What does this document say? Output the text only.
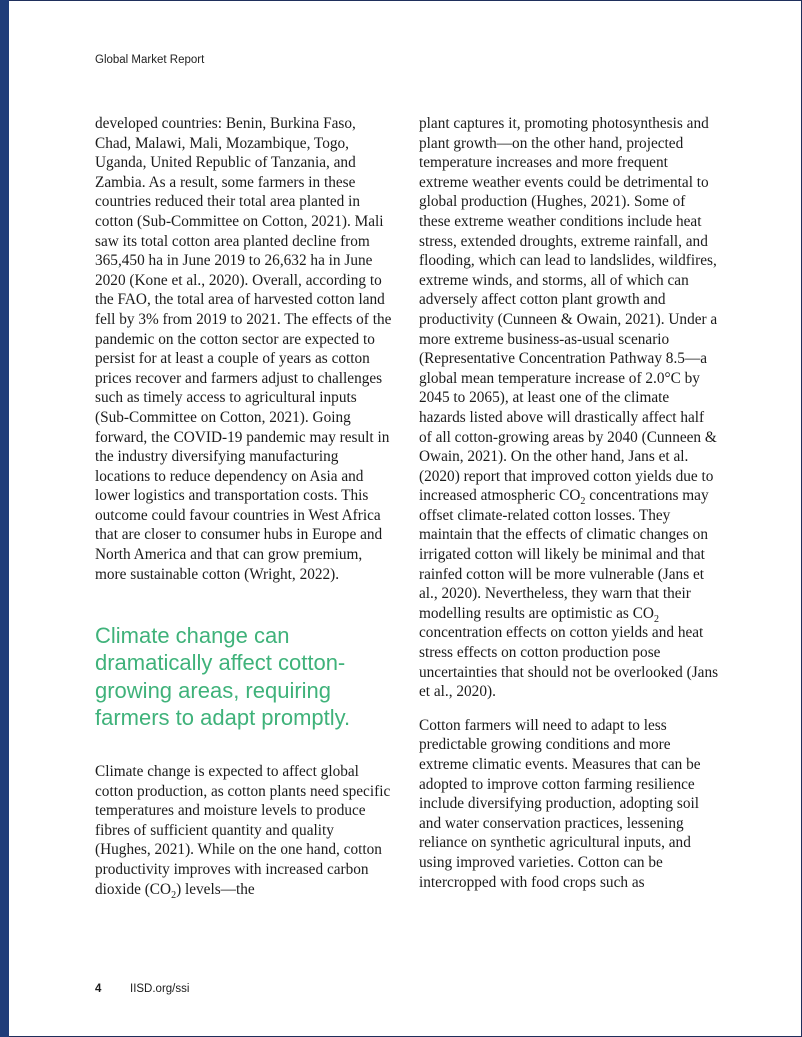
Global Market Report

developed countries: Benin, Burkina Faso, Chad, Malawi, Mali, Mozambique, Togo, Uganda, United Republic of Tanzania, and Zambia. As a result, some farmers in these countries reduced their total area planted in cotton (Sub-Committee on Cotton, 2021). Mali saw its total cotton area planted decline from 365,450 ha in June 2019 to 26,632 ha in June 2020 (Kone et al., 2020). Overall, according to the FAO, the total area of harvested cotton land fell by 3% from 2019 to 2021. The effects of the pandemic on the cotton sector are expected to persist for at least a couple of years as cotton prices recover and farmers adjust to challenges such as timely access to agricultural inputs (Sub-Committee on Cotton, 2021). Going forward, the COVID-19 pandemic may result in the industry diversifying manufacturing locations to reduce dependency on Asia and lower logistics and transportation costs. This outcome could favour countries in West Africa that are closer to consumer hubs in Europe and North America and that can grow premium, more sustainable cotton (Wright, 2022).

Climate change can dramatically affect cotton-growing areas, requiring farmers to adapt promptly.

Climate change is expected to affect global cotton production, as cotton plants need specific temperatures and moisture levels to produce fibres of sufficient quantity and quality (Hughes, 2021). While on the one hand, cotton productivity improves with increased carbon dioxide $(CO_2)$ levels—the

plant captures it, promoting photosynthesis and plant growth—on the other hand, projected temperature increases and more frequent extreme weather events could be detrimental to global production (Hughes, 2021). Some of these extreme weather conditions include heat stress, extended droughts, extreme rainfall, and flooding, which can lead to landslides, wildfires, extreme winds, and storms, all of which can adversely affect cotton plant growth and productivity (Cunneen & Owain, 2021). Under a more extreme business-as-usual scenario (Representative Concentration Pathway 8.5—a global mean temperature increase of 2.0°C by 2045 to 2065), at least one of the climate hazards listed above will drastically affect half of all cotton-growing areas by 2040 (Cunneen & Owain, 2021). On the other hand, Jans et al. (2020) report that improved cotton yields due to increased atmospheric $CO_2$ concentrations may offset climate-related cotton losses. They maintain that the effects of climatic changes on irrigated cotton will likely be minimal and that rainfed cotton will be more vulnerable (Jans et al., 2020). Nevertheless, they warn that their modelling results are optimistic as $CO_2$ concentration effects on cotton yields and heat stress effects on cotton production pose uncertainties that should not be overlooked (Jans et al., 2020).

Cotton farmers will need to adapt to less predictable growing conditions and more extreme climatic events. Measures that can be adopted to improve cotton farming resilience include diversifying production, adopting soil and water conservation practices, lessening reliance on synthetic agricultural inputs, and using improved varieties. Cotton can be intercropped with food crops such as

4 IISD.org/ssi
